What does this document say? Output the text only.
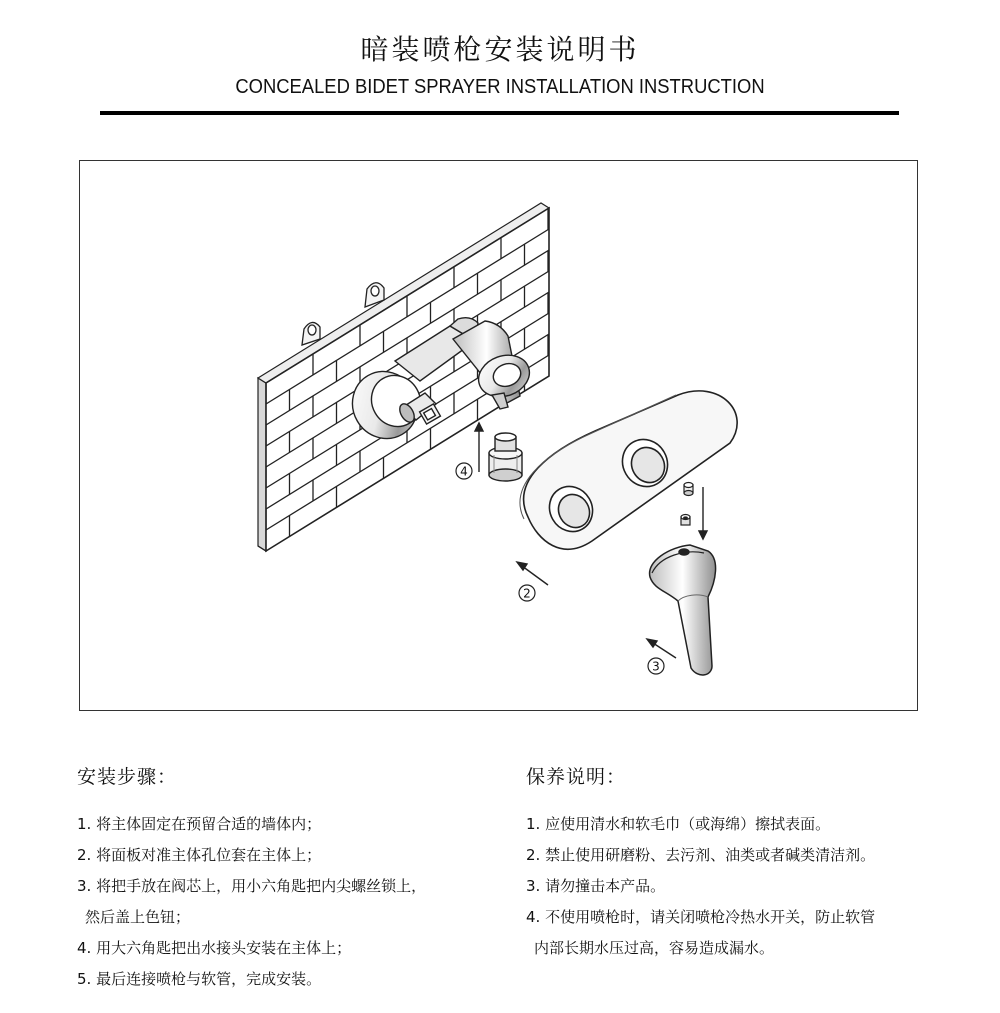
暗装喷枪安装说明书
CONCEALED BIDET SPRAYER INSTALLATION INSTRUCTION
4
2
3
安装步骤：
1. 将主体固定在预留合适的墙体内；
2. 将面板对准主体孔位套在主体上；
3. 将把手放在阀芯上，用小六角匙把内尖螺丝锁上，
然后盖上色钮；
4. 用大六角匙把出水接头安装在主体上；
5. 最后连接喷枪与软管，完成安装。
保养说明：
1. 应使用清水和软毛巾（或海绵）擦拭表面。
2. 禁止使用研磨粉、去污剂、油类或者碱类清洁剂。
3. 请勿撞击本产品。
4. 不使用喷枪时，请关闭喷枪冷热水开关，防止软管
内部长期水压过高，容易造成漏水。
